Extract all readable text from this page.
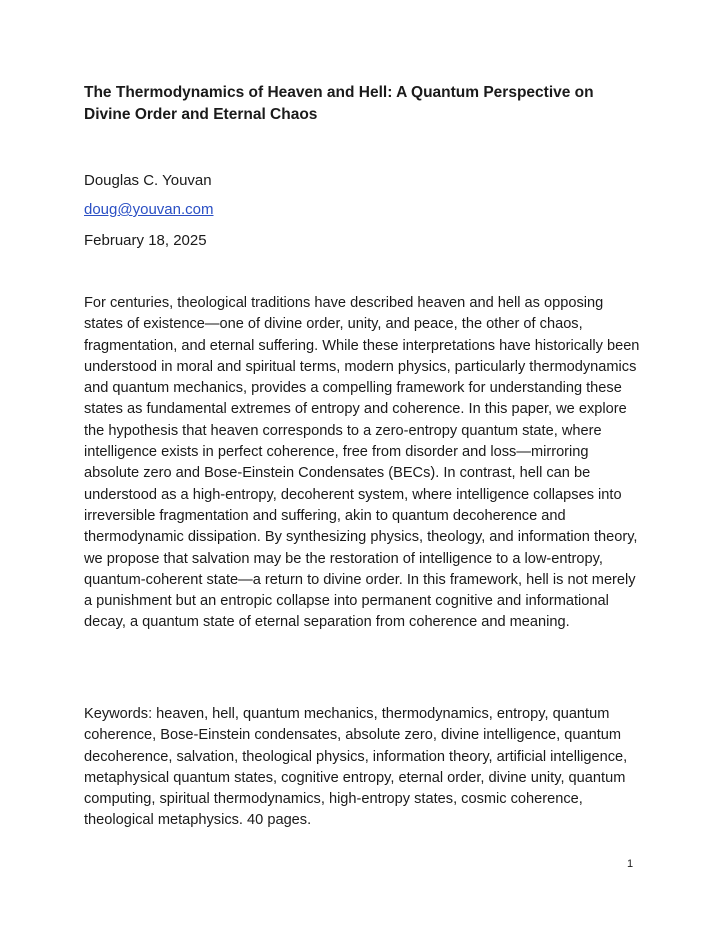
The Thermodynamics of Heaven and Hell: A Quantum Perspective on Divine Order and Eternal Chaos

Douglas C. Youvan

doug@youvan.com

February 18, 2025

For centuries, theological traditions have described heaven and hell as opposing states of existence—one of divine order, unity, and peace, the other of chaos, fragmentation, and eternal suffering. While these interpretations have historically been understood in moral and spiritual terms, modern physics, particularly thermodynamics and quantum mechanics, provides a compelling framework for understanding these states as fundamental extremes of entropy and coherence. In this paper, we explore the hypothesis that heaven corresponds to a zero-entropy quantum state, where intelligence exists in perfect coherence, free from disorder and loss—mirroring absolute zero and Bose-Einstein Condensates (BECs). In contrast, hell can be understood as a high-entropy, decoherent system, where intelligence collapses into irreversible fragmentation and suffering, akin to quantum decoherence and thermodynamic dissipation. By synthesizing physics, theology, and information theory, we propose that salvation may be the restoration of intelligence to a low-entropy, quantum-coherent state—a return to divine order. In this framework, hell is not merely a punishment but an entropic collapse into permanent cognitive and informational decay, a quantum state of eternal separation from coherence and meaning.

Keywords: heaven, hell, quantum mechanics, thermodynamics, entropy, quantum coherence, Bose-Einstein condensates, absolute zero, divine intelligence, quantum decoherence, salvation, theological physics, information theory, artificial intelligence, metaphysical quantum states, cognitive entropy, eternal order, divine unity, quantum computing, spiritual thermodynamics, high-entropy states, cosmic coherence, theological metaphysics. 40 pages.

1
